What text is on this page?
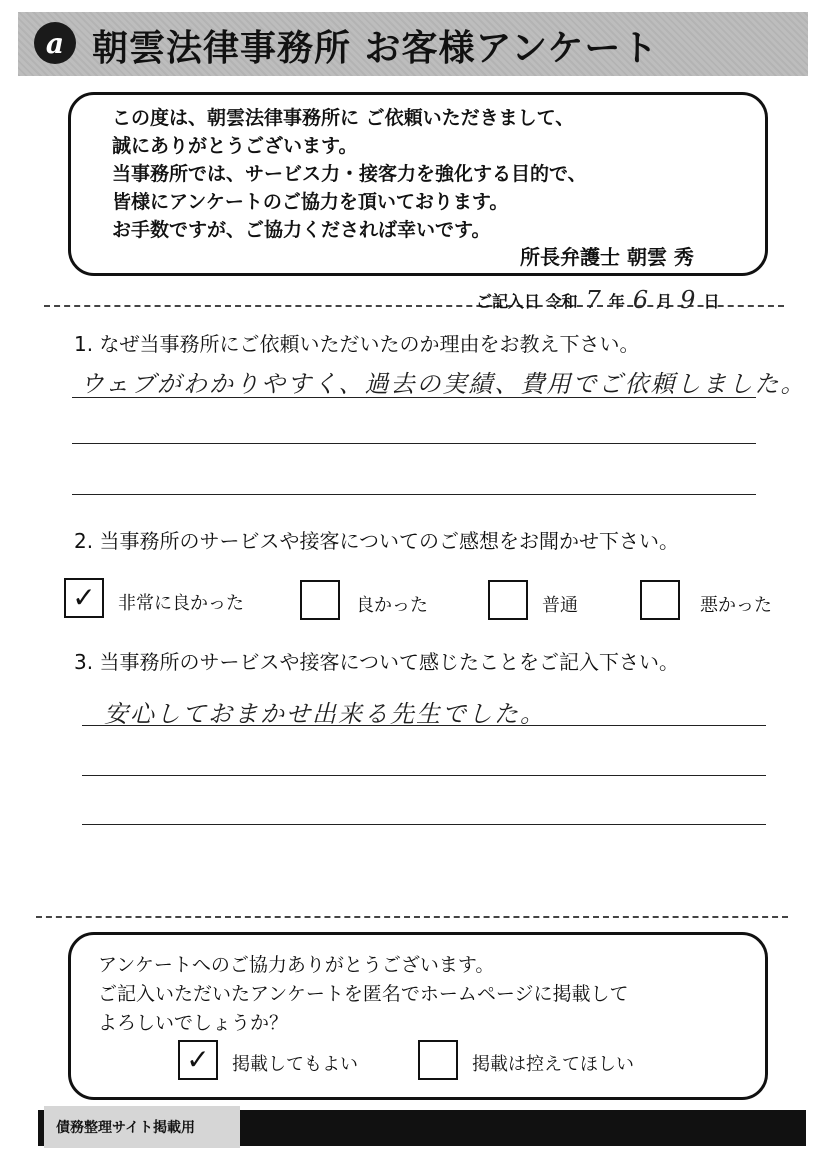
a 朝雲法律事務所 お客様アンケート
この度は、朝雲法律事務所に ご依頼いただきまして、
誠にありがとうございます。
当事務所では、サービス力・接客力を強化する目的で、
皆様にアンケートのご協力を頂いております。
お手数ですが、ご協力くだされば幸いです。
所長弁護士 朝雲 秀
ご記入日 令和 7 年 6 月 9 日
1. なぜ当事務所にご依頼いただいたのか理由をお教え下さい。
ウェブがわかりやすく、過去の実績、費用でご依頼しました。
2. 当事務所のサービスや接客についてのご感想をお聞かせ下さい。
✓	非常に良かった	良かった	普通	悪かった
3. 当事務所のサービスや接客について感じたことをご記入下さい。
安心しておまかせ出来る先生でした。
アンケートへのご協力ありがとうございます。
ご記入いただいたアンケートを匿名でホームページに掲載して
よろしいでしょうか？
✓	掲載してもよい	掲載は控えてほしい
債務整理サイト掲載用
